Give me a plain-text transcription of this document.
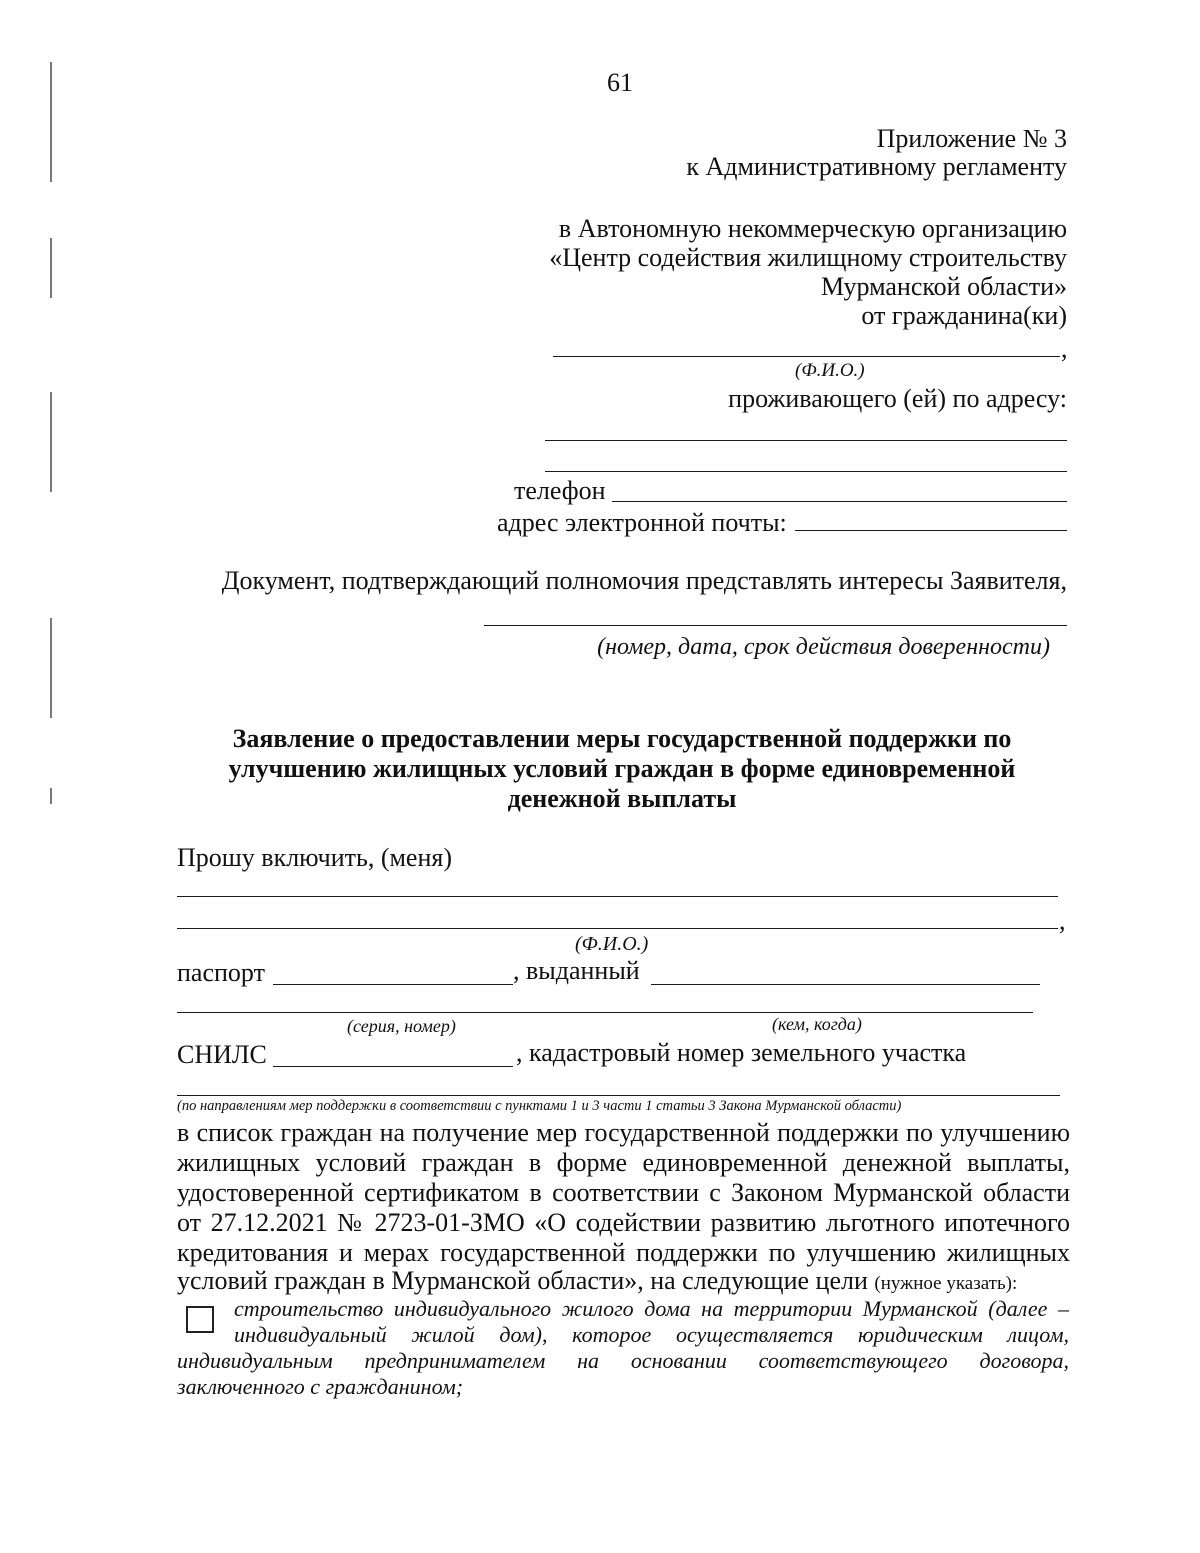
61
Приложение № 3
к Административному регламенту
в Автономную некоммерческую организацию
«Центр содействия жилищному строительству
Мурманской области»
от гражданина(ки)
,
(Ф.И.О.)
проживающего (ей) по адресу:
телефон
адрес электронной почты:
Документ, подтверждающий полномочия представлять интересы Заявителя,
(номер, дата, срок действия доверенности)
Заявление о предоставлении меры государственной поддержки по
улучшению жилищных условий граждан в форме единовременной
денежной выплаты
Прошу включить, (меня)
,
(Ф.И.О.)
паспорт	, выданный
(серия, номер)	(кем, когда)
СНИЛС	, кадастровый номер земельного участка
(по направлениям мер поддержки в соответствии с пунктами 1 и 3 части 1 статьи 3 Закона Мурманской области)
в список граждан на получение мер государственной поддержки по улучшению
жилищных условий граждан в форме единовременной денежной выплаты,
удостоверенной сертификатом в соответствии с Законом Мурманской области
от 27.12.2021 № 2723-01-ЗМО «О содействии развитию льготного ипотечного
кредитования и мерах государственной поддержки по улучшению жилищных
условий граждан в Мурманской области», на следующие цели (нужное указать):
строительство индивидуального жилого дома на территории Мурманской (далее –
индивидуальный жилой дом), которое осуществляется юридическим лицом,
индивидуальным предпринимателем на основании соответствующего договора,
заключенного с гражданином;
